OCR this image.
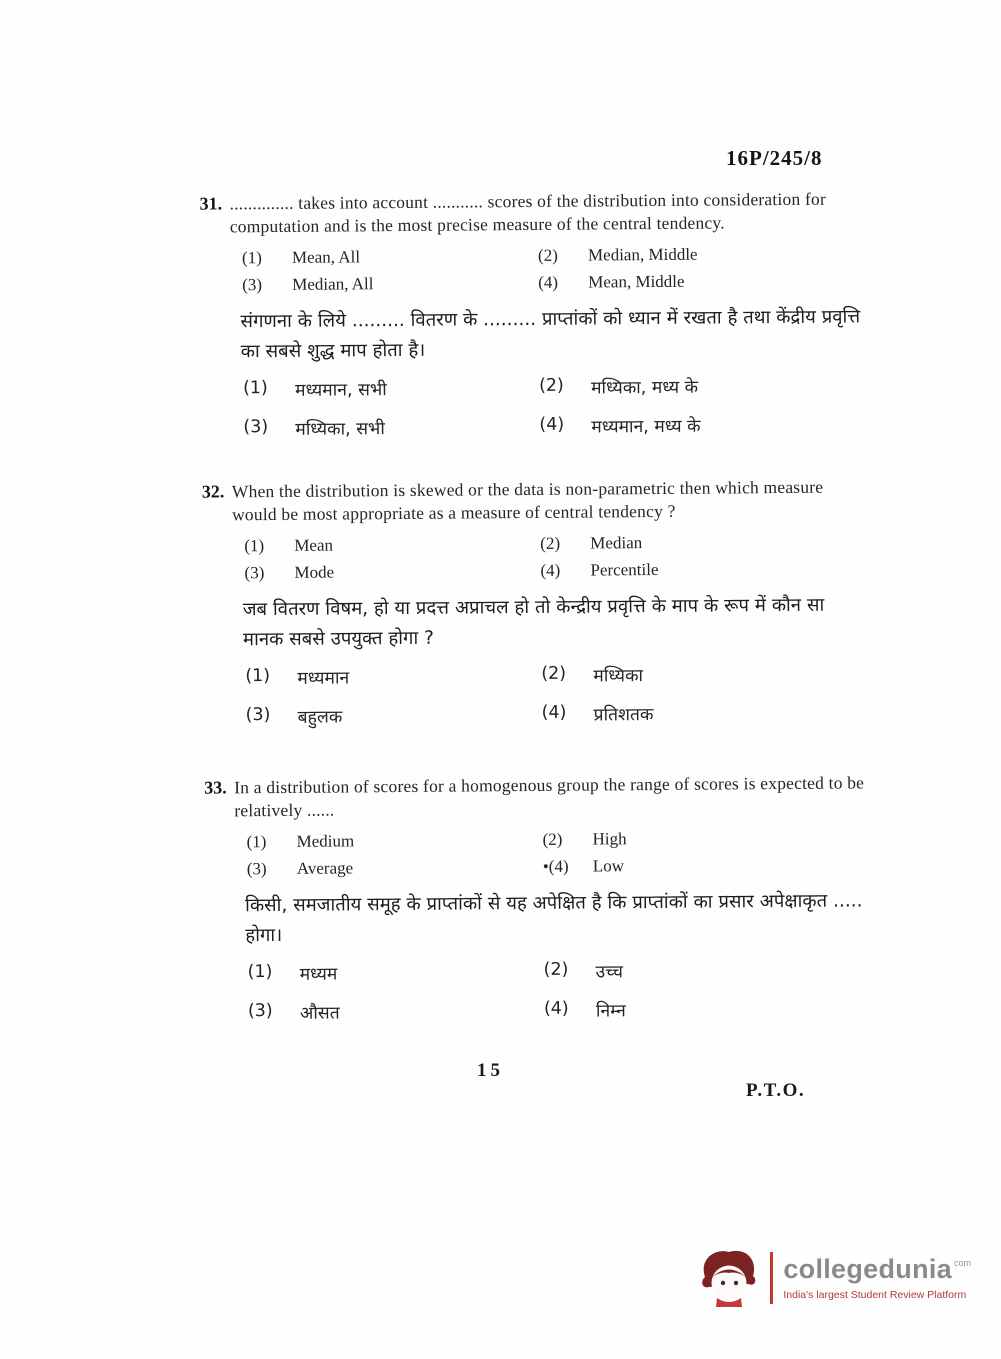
16P/245/8
31. .............. takes into account ........... scores of the distribution into consideration for computation and is the most precise measure of the central tendency.

(1)	Mean, All	(2)	Median, Middle
(3)	Median, All	(4)	Mean, Middle

संगणना के लिये ......... वितरण के ......... प्राप्तांकों को ध्यान में रखता है तथा केंद्रीय प्रवृत्ति का सबसे शुद्ध माप होता है।

(1) मध्यमान, सभी	(2) मध्यिका, मध्य के
(3) मध्यिका, सभी	(4) मध्यमान, मध्य के
32. When the distribution is skewed or the data is non-parametric then which measure would be most appropriate as a measure of central tendency ?

(1)	Mean	(2)	Median
(3)	Mode	(4)	Percentile

जब वितरण विषम, हो या प्रदत्त अप्राचल हो तो केन्द्रीय प्रवृत्ति के माप के रूप में कौन सा मानक सबसे उपयुक्त होगा ?

(1) मध्यमान	(2) मध्यिका
(3) बहुलक	(4) प्रतिशतक
33. In a distribution of scores for a homogenous group the range of scores is expected to be relatively ......

(1)	Medium	(2)	High
(3)	Average	•(4) Low

किसी, समजातीय समूह के प्राप्तांकों से यह अपेक्षित है कि प्राप्तांकों का प्रसार अपेक्षाकृत ..... होगा।

(1) मध्यम	(2) उच्च
(3) औसत	(4) निम्न
15
P.T.O.
collegedunia com
India's largest Student Review Platform
